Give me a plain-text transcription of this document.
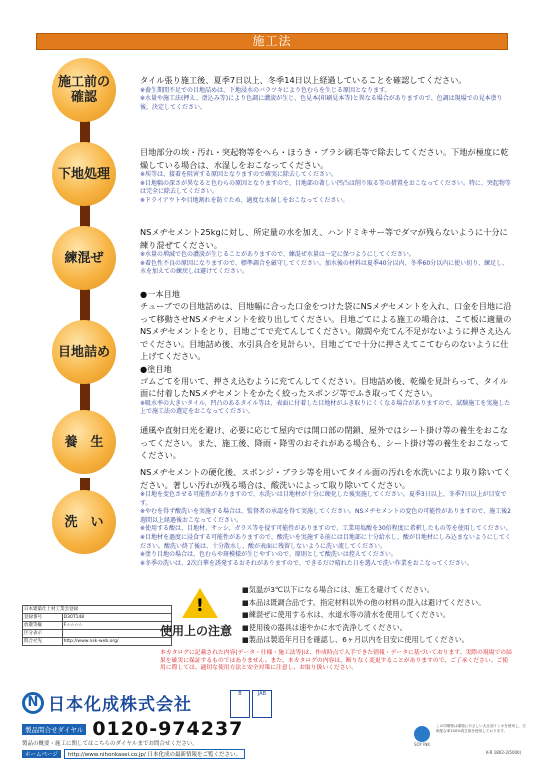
施工法
施工前の
確認
下地処理
練混ぜ
目地詰め
養　生
洗　い
タイル張り施工後、夏季7日以上、冬季14日以上経過していることを確認してください。
※養生期間不足での目地詰めは、下地浸水のバラツキにより色むらを生じる原因となります。
※水量や施工法(押え、塗込み等)により色調に濃淡が生じ、色見本(印刷見本等)と異なる場合がありますので、色調は現場での見本塗り後、決定してください。
目地部分の埃・汚れ・突起物等をへら・ほうき・ブラシ刷毛等で除去してください。下地が極度に乾燥している場合は、水湿しをおこなってください。
※埃等は、接着を阻害する原因となりますので確実に除去してください。
※目地幅の深さが異なると色むらの原因となりますので、目地部の著しい凹凸は削り取る等の措置をおこなってください。特に、突起物等は完全に除去してください。
※ドライアウトや目地割れを防ぐため、適度な水湿しをおこなってください。
NSメヂセメント25kgに対し、所定量の水を加え、ハンドミキサー等でダマが残らないように十分に練り混ぜてください。
※水量の増減で色の濃淡が生じることがありますので、練混ぜ水量は一定に保つようにしてください。
※着色性不良の原因になりますので、標準調合を厳守してください。加水後の材料は夏季40分以内、冬季60分以内に使い切り、練足し、水を加えての練戻しは避けてください。
●一本目地
チューブでの目地詰めは、目地幅に合った口金をつけた袋にNSメヂセメントを入れ、口金を目地に沿って移動させNSメヂセメントを絞り出してください。目地ごてによる施工の場合は、こて板に適量のNSメヂセメントをとり、目地ごてで充てんしてください。隙間や充てん不足がないように押さえ込んでください。目地詰め後、水引具合を見計らい、目地ごてで十分に押さえてこてむらのないように仕上げてください。
●塗目地
ゴムごてを用いて、押さえ込むように充てんしてください。目地詰め後、乾燥を見計らって、タイル面に付着したNSメヂセメントをかたく絞ったスポンジ等でふき取ってください。
※吸水率の大きいタイル、凹凸のあるタイル等は、表面に付着した目地材がふき取りにくくなる場合がありますので、試験施工を実施した上で施工法の選定をおこなってください。
通風や直射日光を避け、必要に応じて屋内では開口部の閉鎖、屋外ではシート掛け等の養生をおこなってください。また、施工後、降雨・降雪のおそれがある場合も、シート掛け等の養生をおこなってください。
NSメヂセメントの硬化後、スポンジ・ブラシ等を用いてタイル面の汚れを水洗いにより取り除いてください。著しい汚れが残る場合は、酸洗いによって取り除いてください。
※目地を変色させる可能性がありますので、水洗いは目地材が十分に硬化した後実施してください。夏季3日以上、冬季7日以上が目安です。
※やむを得ず酸洗いを実施する場合は、監督者の承認を得て実施してください。NSメヂセメントの変色の可能性がありますので、施工後2週間以上経過後おこなってください。
※使用する酸は、目地材、サッシ、ガラス等を侵す可能性がありますので、工業用塩酸を30倍程度に希釈したもの等を使用してください。
※目地材を過度に浸食する可能性がありますので、酸洗いを実施する前には目地部に十分給水し、酸が目地材にしみ込まないようにしてください。酸洗い終了後は、十分散水し、酸が表面に残留しないように洗い流してください。
※塗り目地の場合は、色むらや斑模様が生じやすいので、原則として酸洗いは控えてください。
※冬季の洗いは、2次白華を誘発するおそれがありますので、できるだけ晴れた日を選んで洗い作業をおこなってください。
日本建築仕上材工業会登録	
登録番号	D30T148
放散等級	F☆☆☆☆
区分表示	
問合せ先	http://www.nsk-web.org/
!
使用上の注意
■気温が3℃以下になる場合には、施工を避けてください。
■本品は既調合品です。指定材料以外の他の材料の混入は避けてください。
■練混ぜに使用する水は、水道水等の清水を使用してください。
■使用後の器具は速やかに水で洗浄してください。
■製品は製造年月日を確認し、6ヶ月以内を目安に使用してください。
本カタログに記載された内容(データ・仕様・施工法等)は、作成時点で入手できた情報・データに基づいております。実際の現場での結果を確実に保証するものではありません。また、本カタログの内容は、断りなく変更することがありますので、ご了承ください。ご使用に際しては、適切な使用方法と安全対策に注意し、お取り扱いください。
N 日本化成株式会社
B	JAB
製品問合せダイヤル 0120-974237
製品の概要・施工に関してはこちらのダイヤルまでお問合せください。
ホームページ	http://www.nihonkasei.co.jp/ 日本化成の最新情報をご覧ください。
SOY INK
この印刷物は環境にやさしい大豆油インキを使用し、古紙配合率100%再生紙を使用しております。
K-R 1802-2(5000)
